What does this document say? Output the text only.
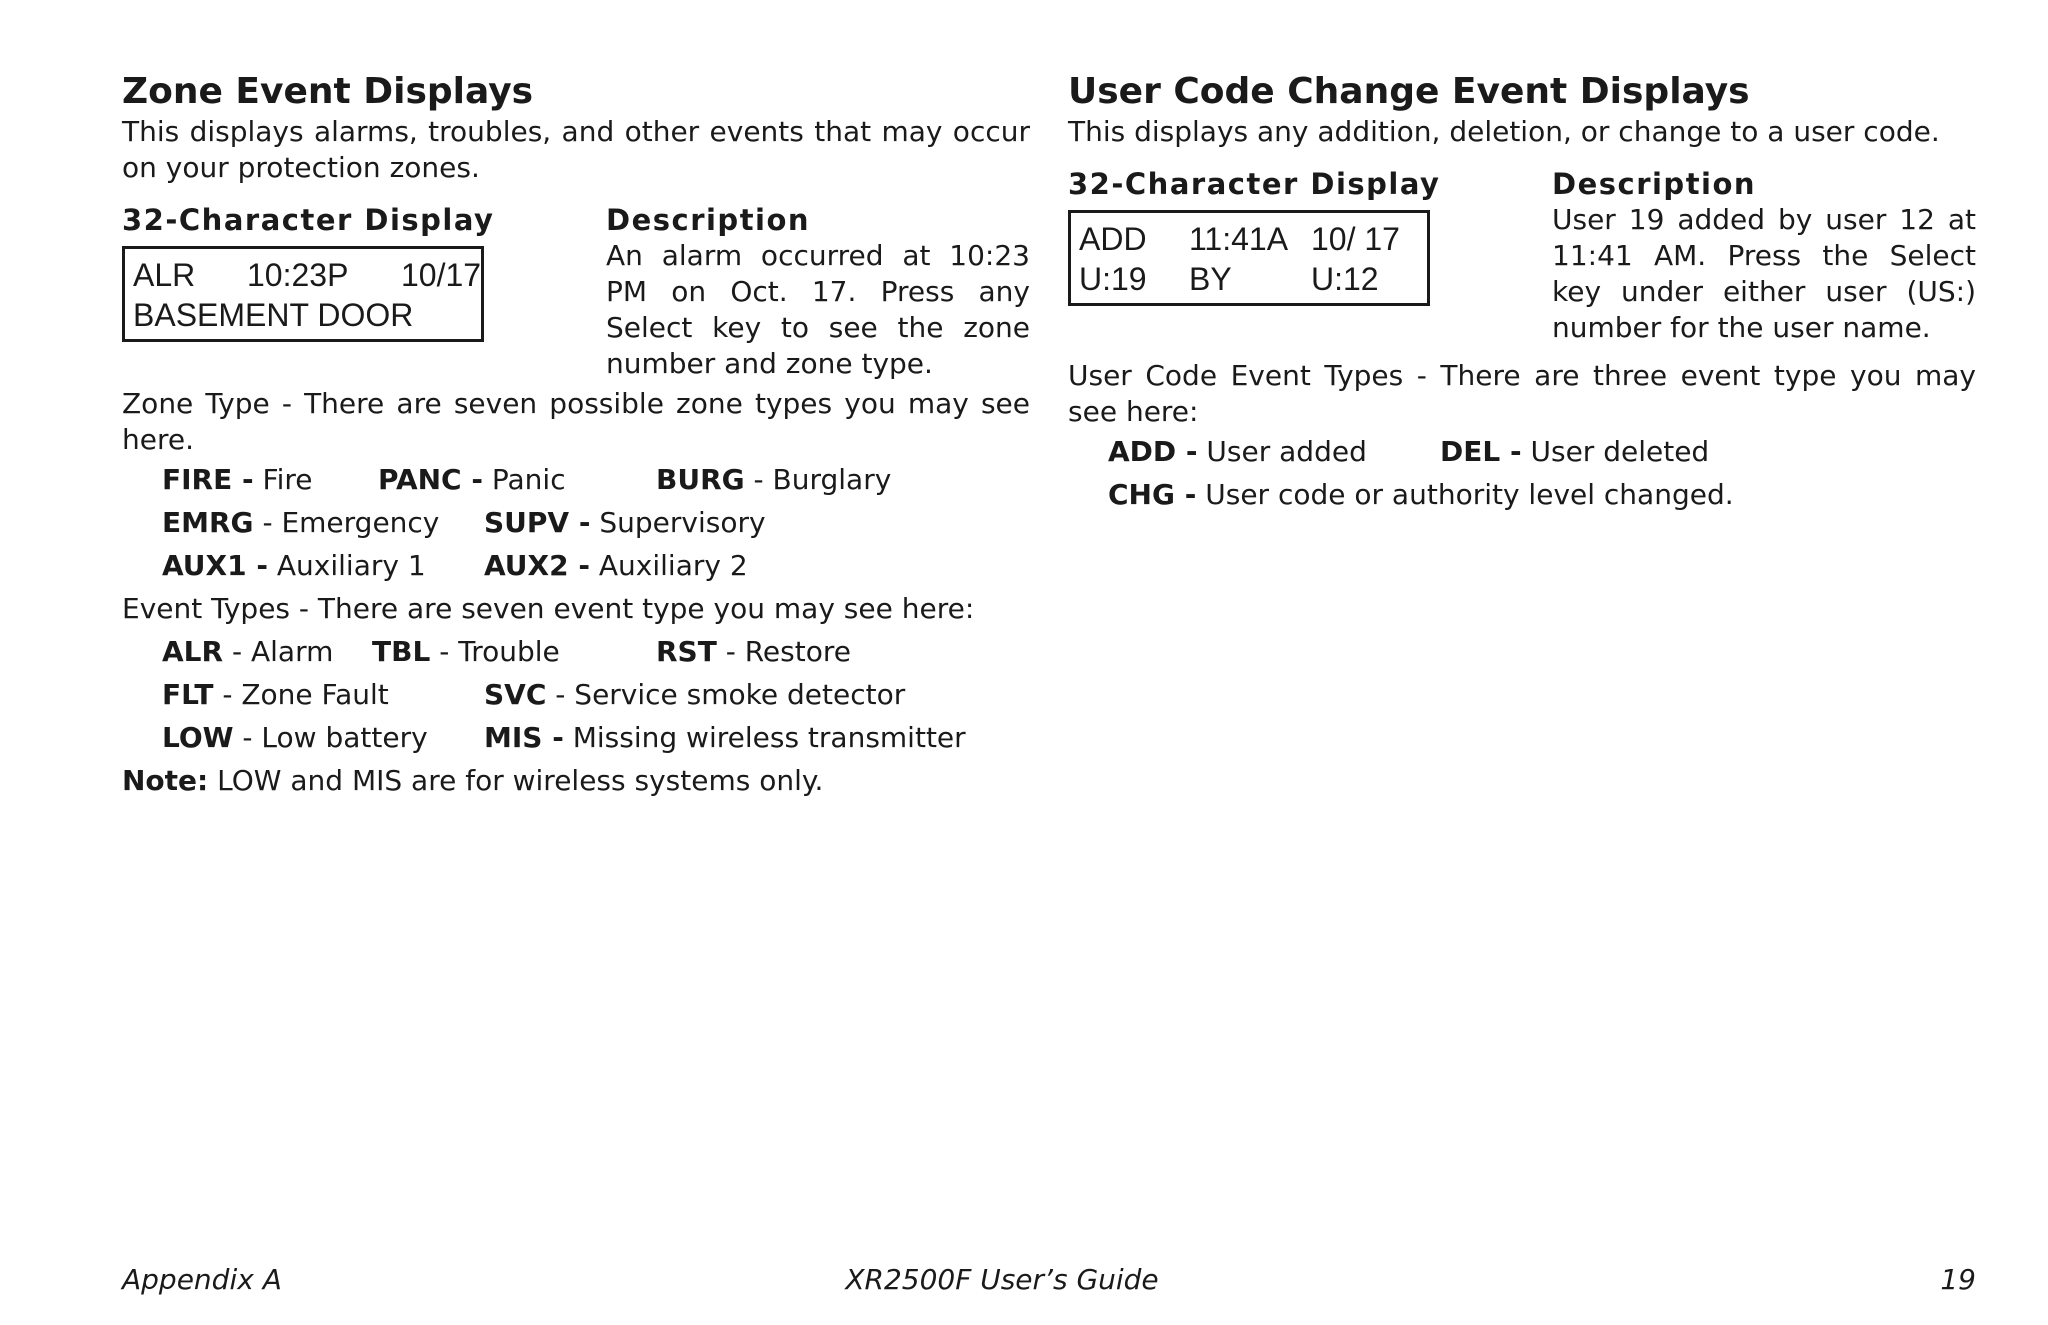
Zone Event Displays

This displays alarms, troubles, and other events that may occur on your protection zones.

32-Character Display

ALR 10:23P 10/17
BASEMENT DOOR

Description

An alarm occurred at 10:23 PM on Oct. 17. Press any Select key to see the zone number and zone type.

Zone Type - There are seven possible zone types you may see here.

FIRE - Fire PANC - Panic	BURG - Burglary
EMRG - Emergency SUPV - Supervisory
AUX1 - Auxiliary 1 AUX2 - Auxiliary 2

Event Types - There are seven event type you may see here:

ALR - Alarm TBL - Trouble	RST - Restore
FLT - Zone Fault	SVC - Service smoke detector
LOW - Low battery MIS - Missing wireless transmitter

Note: LOW and MIS are for wireless systems only.

User Code Change Event Displays

This displays any addition, deletion, or change to a user code.

32-Character Display

ADD 11:41A 10/ 17
U:19 BY U:12

Description

User 19 added by user 12 at 11:41 AM. Press the Select key under either user (US:) number for the user name.

User Code Event Types - There are three event type you may see here:

ADD - User added	DEL - User deleted
CHG - User code or authority level changed.
Appendix A	XR2500F User’s Guide	19
